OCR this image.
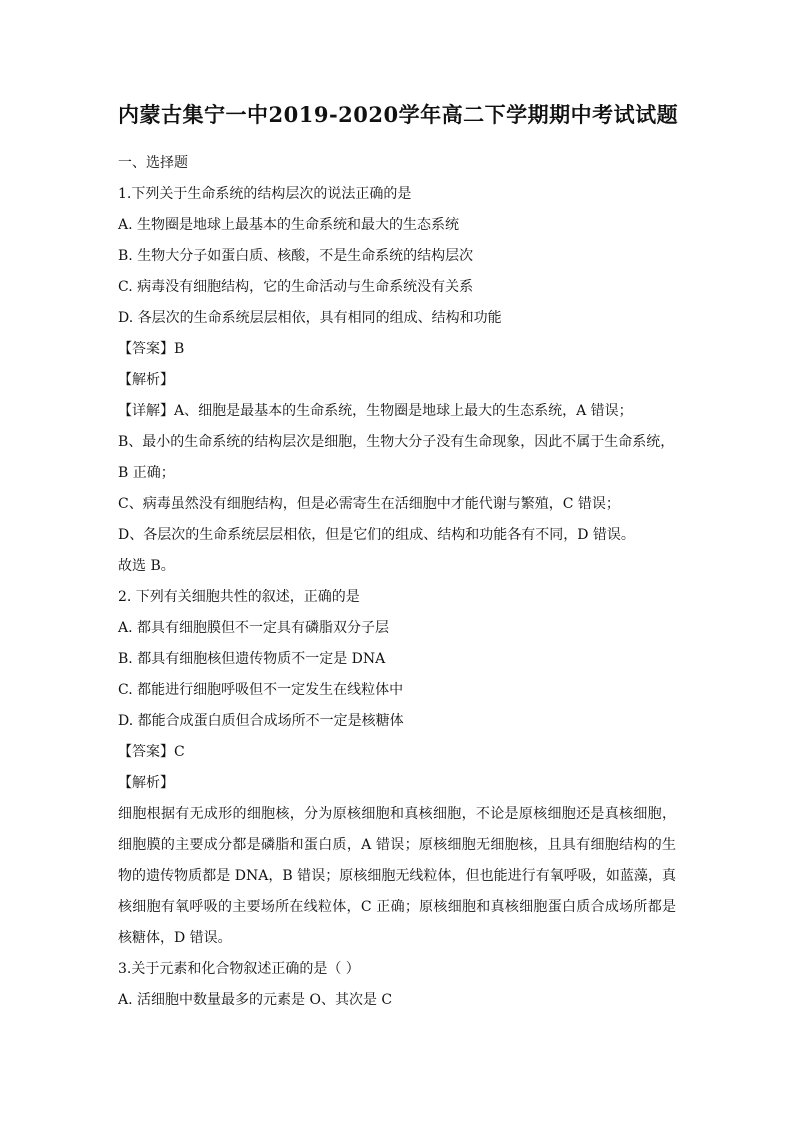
内蒙古集宁一中2019-2020学年高二下学期期中考试试题
一、选择题
1.下列关于生命系统的结构层次的说法正确的是
A. 生物圈是地球上最基本的生命系统和最大的生态系统
B. 生物大分子如蛋白质、核酸，不是生命系统的结构层次
C. 病毒没有细胞结构，它的生命活动与生命系统没有关系
D. 各层次的生命系统层层相依，具有相同的组成、结构和功能
【答案】B
【解析】
【详解】A、细胞是最基本的生命系统，生物圈是地球上最大的生态系统，A 错误；
B、最小的生命系统的结构层次是细胞，生物大分子没有生命现象，因此不属于生命系统，
B 正确；
C、病毒虽然没有细胞结构，但是必需寄生在活细胞中才能代谢与繁殖，C 错误；
D、各层次的生命系统层层相依，但是它们的组成、结构和功能各有不同，D 错误。
故选 B。
2. 下列有关细胞共性的叙述，正确的是
A. 都具有细胞膜但不一定具有磷脂双分子层
B. 都具有细胞核但遗传物质不一定是 DNA
C. 都能进行细胞呼吸但不一定发生在线粒体中
D. 都能合成蛋白质但合成场所不一定是核糖体
【答案】C
【解析】

细胞根据有无成形的细胞核，分为原核细胞和真核细胞，不论是原核细胞还是真核细胞，细胞膜的主要成分都是磷脂和蛋白质，A 错误；原核细胞无细胞核，且具有细胞结构的生物的遗传物质都是 DNA，B 错误；原核细胞无线粒体，但也能进行有氧呼吸，如蓝藻，真核细胞有氧呼吸的主要场所在线粒体，C 正确；原核细胞和真核细胞蛋白质合成场所都是核糖体，D 错误。

3.关于元素和化合物叙述正确的是（ ）
A. 活细胞中数量最多的元素是 O、其次是 C
